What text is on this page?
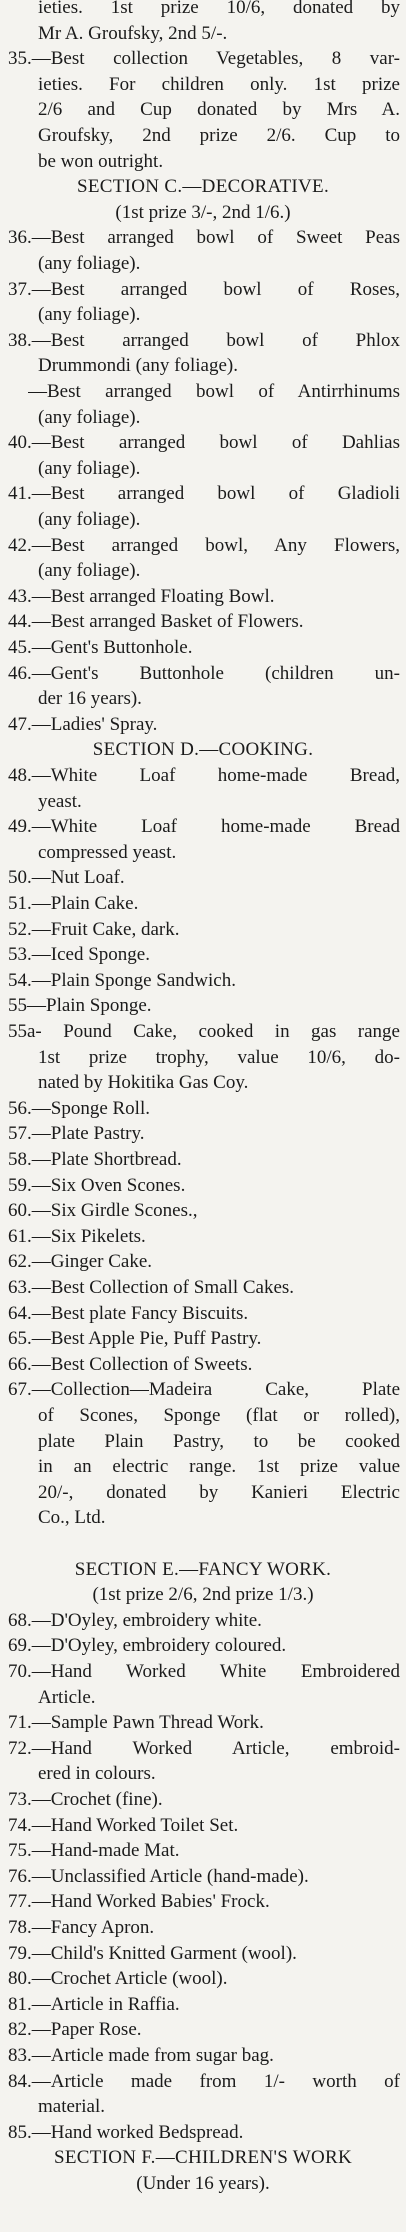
ieties. 1st prize 10/6, donated by
Mr A. Groufsky, 2nd 5/-.
35.—Best collection Vegetables, 8 var-
ieties. For children only. 1st prize
2/6 and Cup donated by Mrs A.
Groufsky, 2nd prize 2/6. Cup to
be won outright.
SECTION C.—DECORATIVE.
(1st prize 3/-, 2nd 1/6.)
36.—Best arranged bowl of Sweet Peas
(any foliage).
37.—Best arranged bowl of Roses,
(any foliage).
38.—Best arranged bowl of Phlox
Drummondi (any foliage).
—Best arranged bowl of Antirrhinums
(any foliage).
40.—Best arranged bowl of Dahlias
(any foliage).
41.—Best arranged bowl of Gladioli
(any foliage).
42.—Best arranged bowl, Any Flowers,
(any foliage).
43.—Best arranged Floating Bowl.
44.—Best arranged Basket of Flowers.
45.—Gent's Buttonhole.
46.—Gent's Buttonhole (children un-
der 16 years).
47.—Ladies' Spray.
SECTION D.—COOKING.
48.—White Loaf home-made Bread,
yeast.
49.—White Loaf home-made Bread
compressed yeast.
50.—Nut Loaf.
51.—Plain Cake.
52.—Fruit Cake, dark.
53.—Iced Sponge.
54.—Plain Sponge Sandwich.
55—Plain Sponge.
55a- Pound Cake, cooked in gas range
1st prize trophy, value 10/6, do-
nated by Hokitika Gas Coy.
56.—Sponge Roll.
57.—Plate Pastry.
58.—Plate Shortbread.
59.—Six Oven Scones.
60.—Six Girdle Scones.,
61.—Six Pikelets.
62.—Ginger Cake.
63.—Best Collection of Small Cakes.
64.—Best plate Fancy Biscuits.
65.—Best Apple Pie, Puff Pastry.
66.—Best Collection of Sweets.
67.—Collection—Madeira Cake, Plate
of Scones, Sponge (flat or rolled),
plate Plain Pastry, to be cooked
in an electric range. 1st prize value
20/-, donated by Kanieri Electric
Co., Ltd.
SECTION E.—FANCY WORK.
(1st prize 2/6, 2nd prize 1/3.)
68.—D'Oyley, embroidery white.
69.—D'Oyley, embroidery coloured.
70.—Hand Worked White Embroidered
Article.
71.—Sample Pawn Thread Work.
72.—Hand Worked Article, embroid-
ered in colours.
73.—Crochet (fine).
74.—Hand Worked Toilet Set.
75.—Hand-made Mat.
76.—Unclassified Article (hand-made).
77.—Hand Worked Babies' Frock.
78.—Fancy Apron.
79.—Child's Knitted Garment (wool).
80.—Crochet Article (wool).
81.—Article in Raffia.
82.—Paper Rose.
83.—Article made from sugar bag.
84.—Article made from 1/- worth of
material.
85.—Hand worked Bedspread.
SECTION F.—CHILDREN'S WORK
(Under 16 years).
